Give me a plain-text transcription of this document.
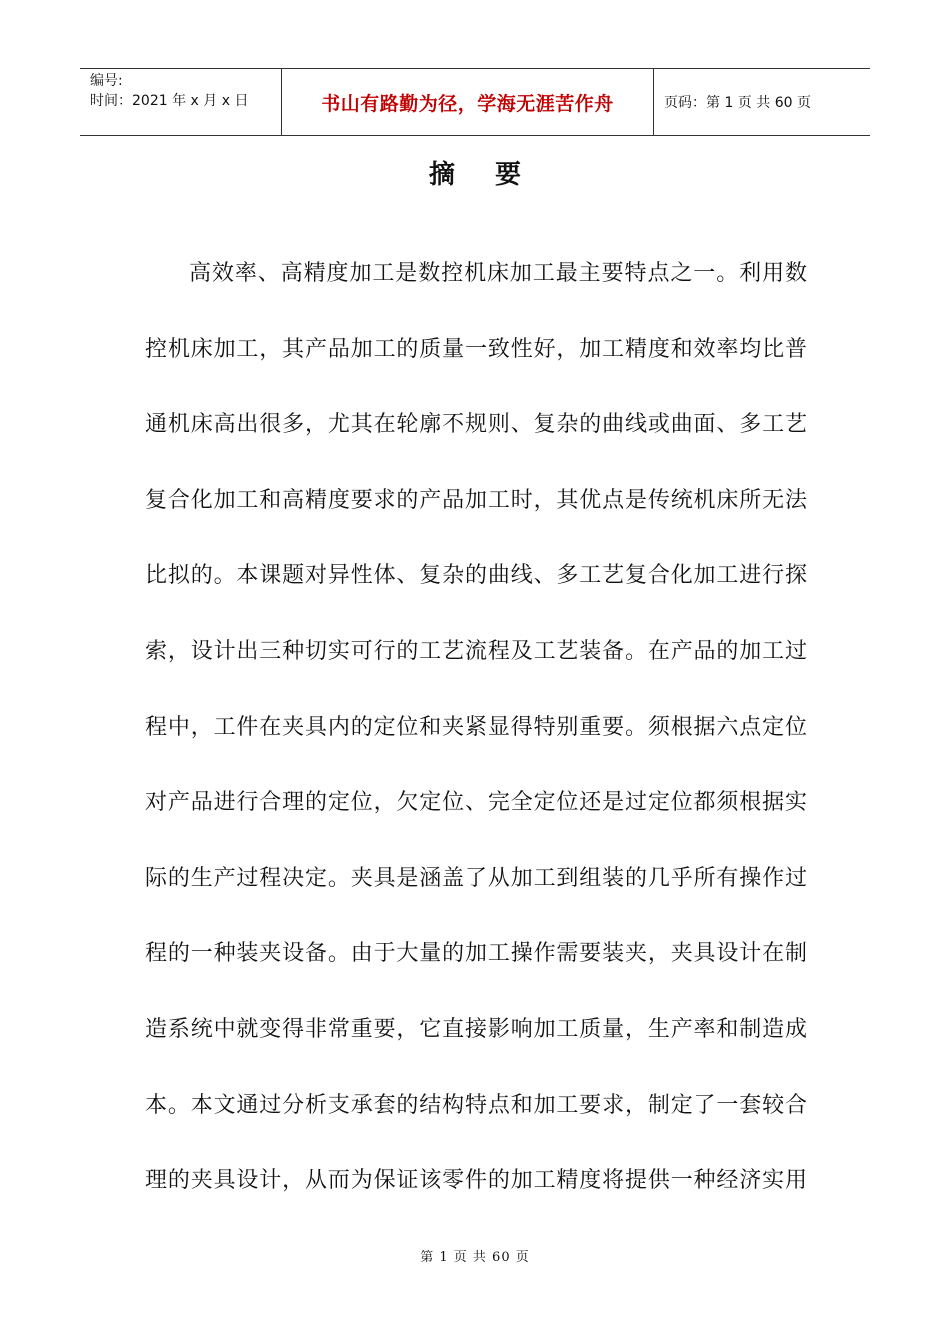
编号:
时间：2021 年 x 月 x 日	书山有路勤为径，学海无涯苦作舟	页码：第 1 页 共 60 页
摘要
高效率、高精度加工是数控机床加工最主要特点之一。利用数
控机床加工，其产品加工的质量一致性好，加工精度和效率均比普
通机床高出很多，尤其在轮廓不规则、复杂的曲线或曲面、多工艺
复合化加工和高精度要求的产品加工时，其优点是传统机床所无法
比拟的。本课题对异性体、复杂的曲线、多工艺复合化加工进行探
索，设计出三种切实可行的工艺流程及工艺装备。在产品的加工过
程中，工件在夹具内的定位和夹紧显得特别重要。须根据六点定位
对产品进行合理的定位，欠定位、完全定位还是过定位都须根据实
际的生产过程决定。夹具是涵盖了从加工到组装的几乎所有操作过
程的一种装夹设备。由于大量的加工操作需要装夹，夹具设计在制
造系统中就变得非常重要，它直接影响加工质量，生产率和制造成
本。本文通过分析支承套的结构特点和加工要求，制定了一套较合
理的夹具设计，从而为保证该零件的加工精度将提供一种经济实用
第 1 页 共 60 页
